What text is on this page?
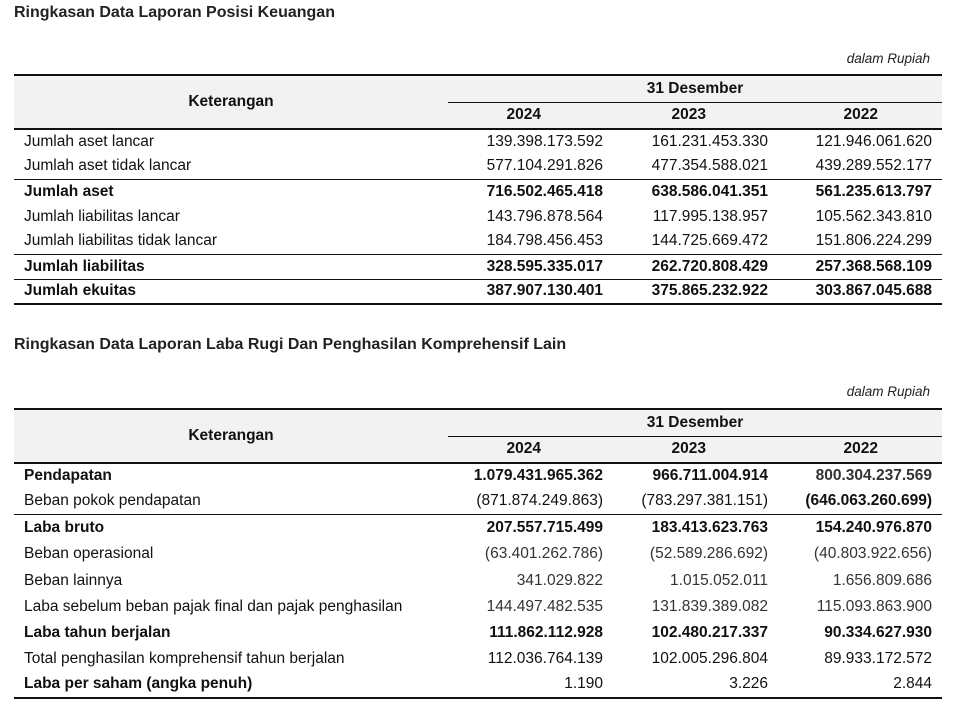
Ringkasan Data Laporan Posisi Keuangan
dalam Rupiah
Keterangan	31 Desember		
	2024	2023	2022
Jumlah aset lancar	139.398.173.592	161.231.453.330	121.946.061.620
Jumlah aset tidak lancar	577.104.291.826	477.354.588.021	439.289.552.177
Jumlah aset	716.502.465.418	638.586.041.351	561.235.613.797
Jumlah liabilitas lancar	143.796.878.564	117.995.138.957	105.562.343.810
Jumlah liabilitas tidak lancar	184.798.456.453	144.725.669.472	151.806.224.299
Jumlah liabilitas	328.595.335.017	262.720.808.429	257.368.568.109
Jumlah ekuitas	387.907.130.401	375.865.232.922	303.867.045.688
Ringkasan Data Laporan Laba Rugi Dan Penghasilan Komprehensif Lain
dalam Rupiah
Keterangan	31 Desember		
	2024	2023	2022
Pendapatan	1.079.431.965.362	966.711.004.914	800.304.237.569
Beban pokok pendapatan	(871.874.249.863)	(783.297.381.151)	(646.063.260.699)
Laba bruto	207.557.715.499	183.413.623.763	154.240.976.870
Beban operasional	(63.401.262.786)	(52.589.286.692)	(40.803.922.656)
Beban lainnya	341.029.822	1.015.052.011	1.656.809.686
Laba sebelum beban pajak final dan pajak penghasilan	144.497.482.535	131.839.389.082	115.093.863.900
Laba tahun berjalan	111.862.112.928	102.480.217.337	90.334.627.930
Total penghasilan komprehensif tahun berjalan	112.036.764.139	102.005.296.804	89.933.172.572
Laba per saham (angka penuh)	1.190	3.226	2.844
